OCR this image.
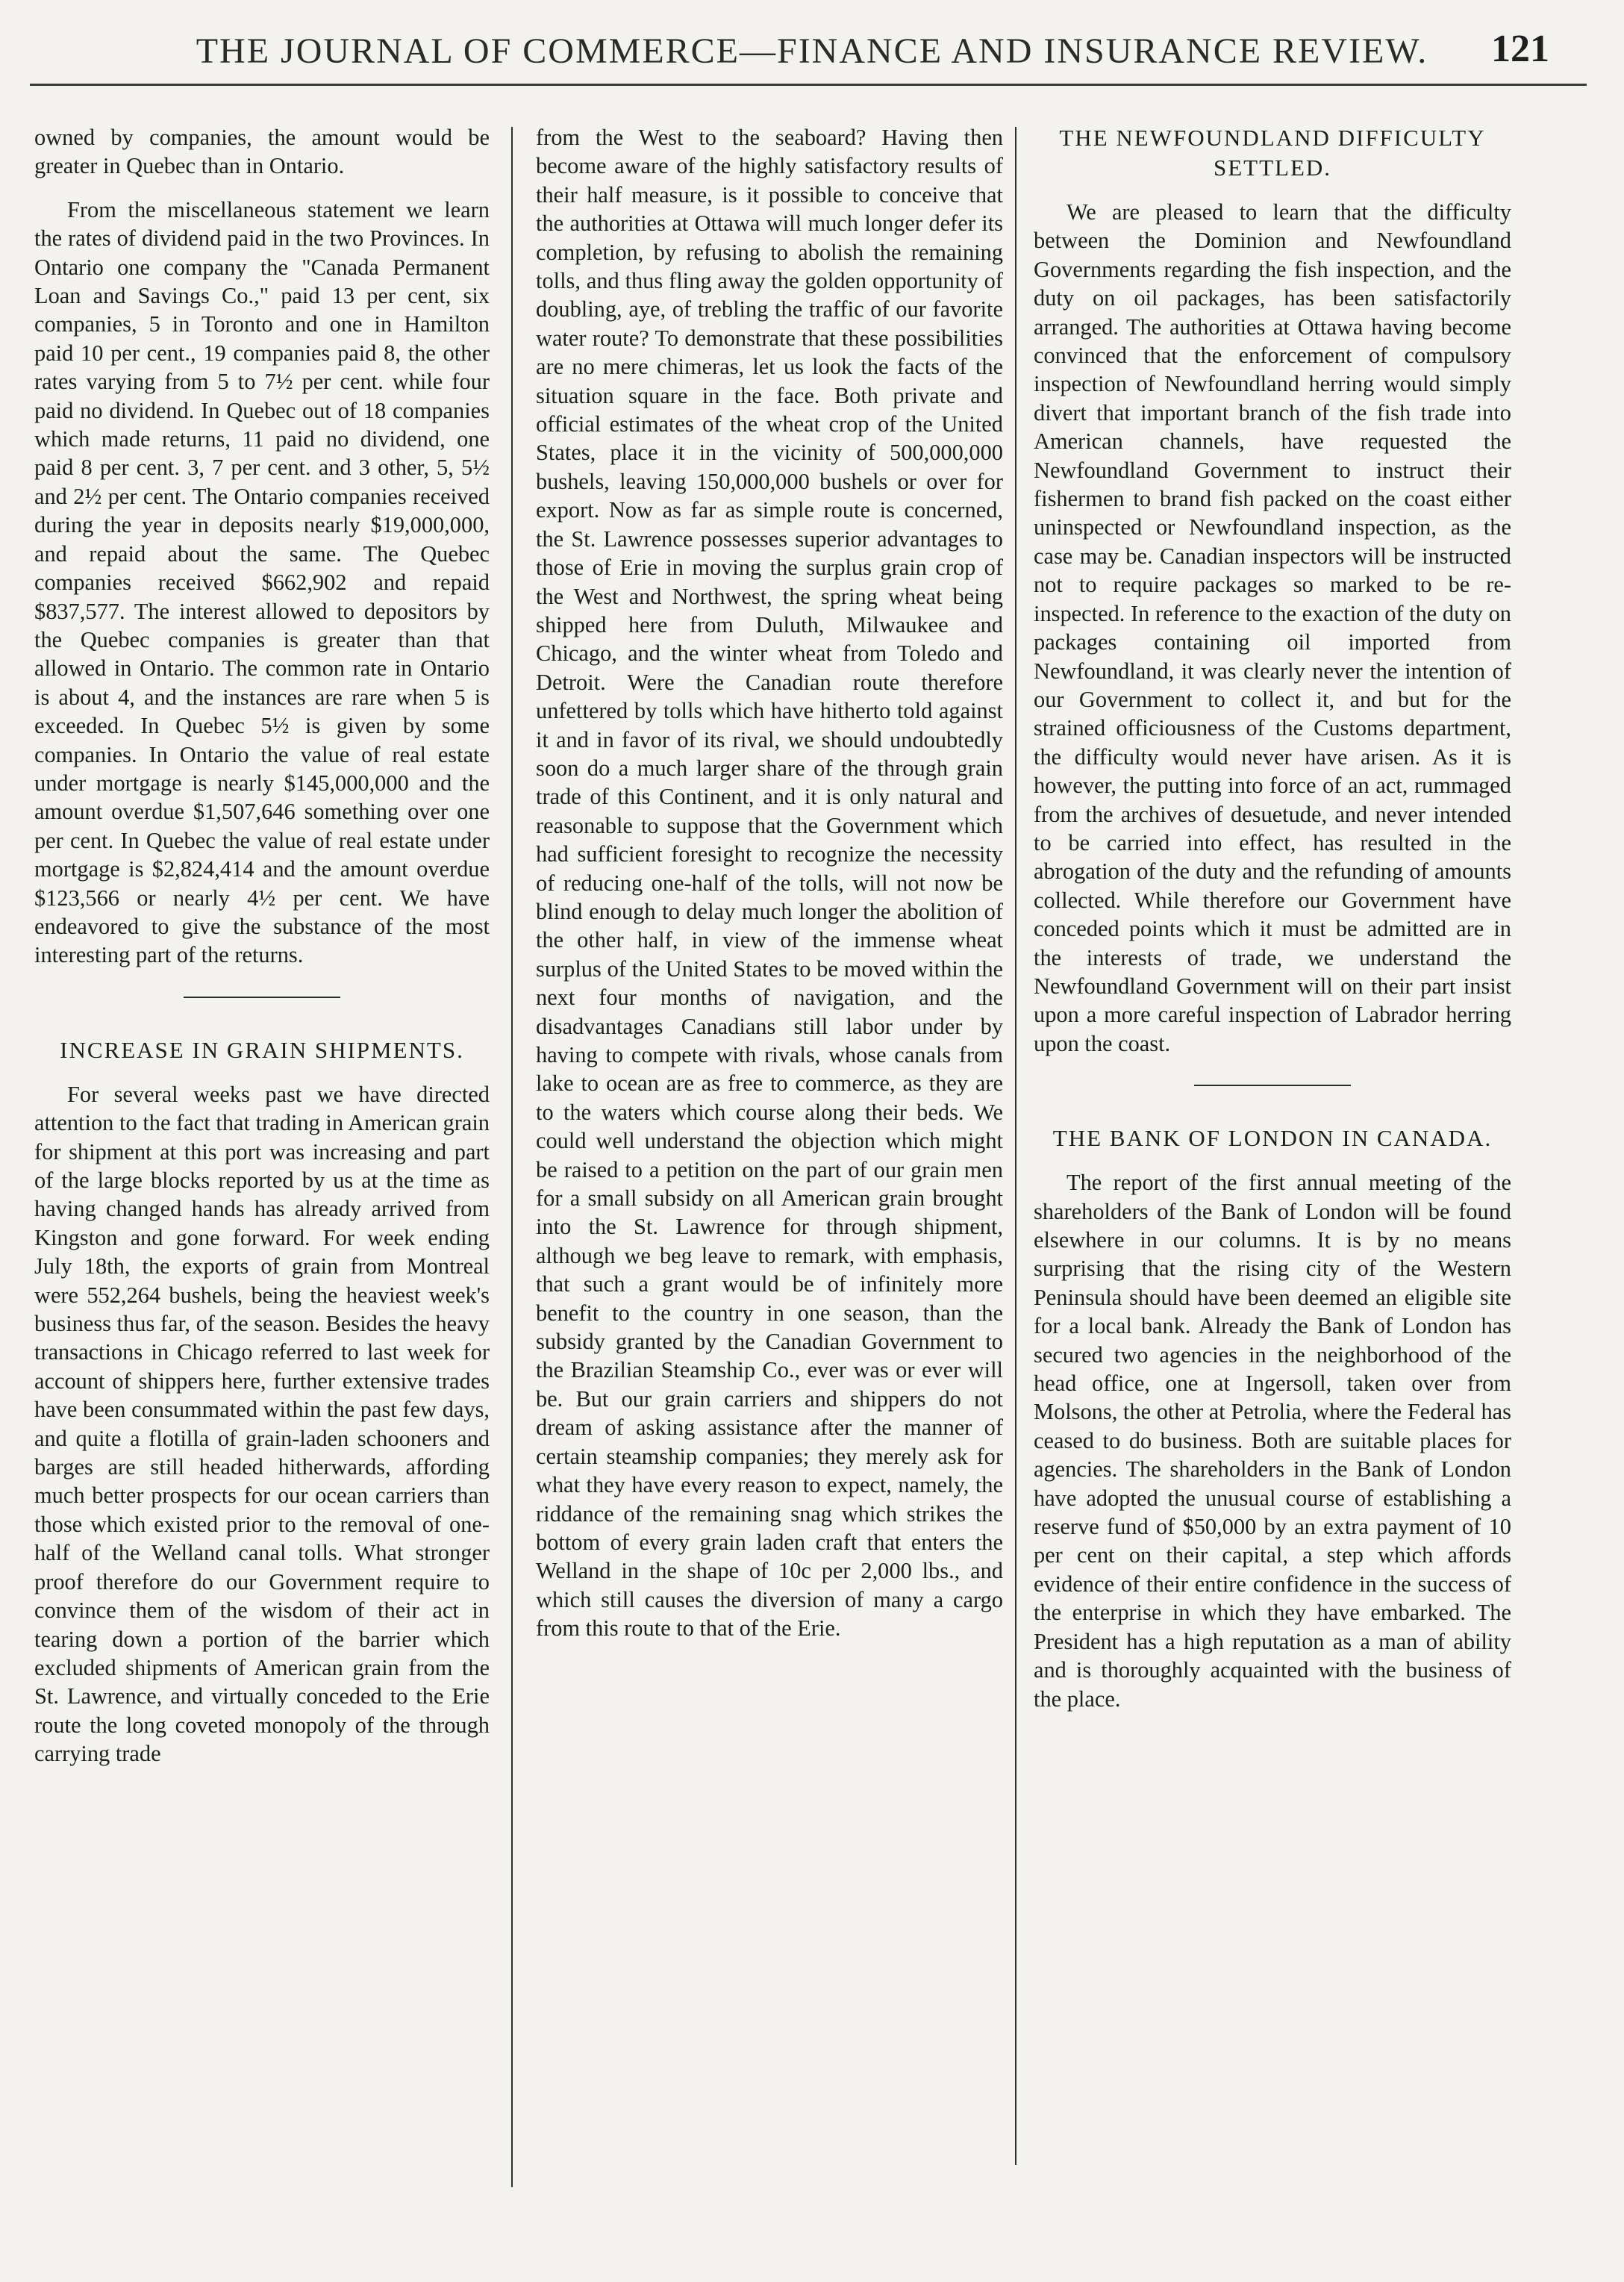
THE JOURNAL OF COMMERCE—FINANCE AND INSURANCE REVIEW. 121

owned by companies, the amount would be greater in Quebec than in Ontario.

From the miscellaneous statement we learn the rates of dividend paid in the two Provinces. In Ontario one company the "Canada Permanent Loan and Savings Co.," paid 13 per cent, six companies, 5 in Toronto and one in Hamilton paid 10 per cent., 19 companies paid 8, the other rates varying from 5 to 7½ per cent. while four paid no dividend. In Quebec out of 18 companies which made returns, 11 paid no dividend, one paid 8 per cent. 3, 7 per cent. and 3 other, 5, 5½ and 2½ per cent. The Ontario companies received during the year in deposits nearly $19,000,000, and repaid about the same. The Quebec companies received $662,902 and repaid $837,577. The interest allowed to depositors by the Quebec companies is greater than that allowed in Ontario. The common rate in Ontario is about 4, and the instances are rare when 5 is exceeded. In Quebec 5½ is given by some companies. In Ontario the value of real estate under mortgage is nearly $145,000,000 and the amount overdue $1,507,646 something over one per cent. In Quebec the value of real estate under mortgage is $2,824,414 and the amount overdue $123,566 or nearly 4½ per cent. We have endeavored to give the substance of the most interesting part of the returns.

INCREASE IN GRAIN SHIPMENTS.

For several weeks past we have directed attention to the fact that trading in American grain for shipment at this port was increasing and part of the large blocks reported by us at the time as having changed hands has already arrived from Kingston and gone forward. For week ending July 18th, the exports of grain from Montreal were 552,264 bushels, being the heaviest week's business thus far, of the season. Besides the heavy transactions in Chicago referred to last week for account of shippers here, further extensive trades have been consummated within the past few days, and quite a flotilla of grain-laden schooners and barges are still headed hitherwards, affording much better prospects for our ocean carriers than those which existed prior to the removal of one-half of the Welland canal tolls. What stronger proof therefore do our Government require to convince them of the wisdom of their act in tearing down a portion of the barrier which excluded shipments of American grain from the St. Lawrence, and virtually conceded to the Erie route the long coveted monopoly of the through carrying trade

from the West to the seaboard? Having then become aware of the highly satisfactory results of their half measure, is it possible to conceive that the authorities at Ottawa will much longer defer its completion, by refusing to abolish the remaining tolls, and thus fling away the golden opportunity of doubling, aye, of trebling the traffic of our favorite water route? To demonstrate that these possibilities are no mere chimeras, let us look the facts of the situation square in the face. Both private and official estimates of the wheat crop of the United States, place it in the vicinity of 500,000,000 bushels, leaving 150,000,000 bushels or over for export. Now as far as simple route is concerned, the St. Lawrence possesses superior advantages to those of Erie in moving the surplus grain crop of the West and Northwest, the spring wheat being shipped here from Duluth, Milwaukee and Chicago, and the winter wheat from Toledo and Detroit. Were the Canadian route therefore unfettered by tolls which have hitherto told against it and in favor of its rival, we should undoubtedly soon do a much larger share of the through grain trade of this Continent, and it is only natural and reasonable to suppose that the Government which had sufficient foresight to recognize the necessity of reducing one-half of the tolls, will not now be blind enough to delay much longer the abolition of the other half, in view of the immense wheat surplus of the United States to be moved within the next four months of navigation, and the disadvantages Canadians still labor under by having to compete with rivals, whose canals from lake to ocean are as free to commerce, as they are to the waters which course along their beds. We could well understand the objection which might be raised to a petition on the part of our grain men for a small subsidy on all American grain brought into the St. Lawrence for through shipment, although we beg leave to remark, with emphasis, that such a grant would be of infinitely more benefit to the country in one season, than the subsidy granted by the Canadian Government to the Brazilian Steamship Co., ever was or ever will be. But our grain carriers and shippers do not dream of asking assistance after the manner of certain steamship companies; they merely ask for what they have every reason to expect, namely, the riddance of the remaining snag which strikes the bottom of every grain laden craft that enters the Welland in the shape of 10c per 2,000 lbs., and which still causes the diversion of many a cargo from this route to that of the Erie.

THE NEWFOUNDLAND DIFFICULTY SETTLED.

We are pleased to learn that the difficulty between the Dominion and Newfoundland Governments regarding the fish inspection, and the duty on oil packages, has been satisfactorily arranged. The authorities at Ottawa having become convinced that the enforcement of compulsory inspection of Newfoundland herring would simply divert that important branch of the fish trade into American channels, have requested the Newfoundland Government to instruct their fishermen to brand fish packed on the coast either uninspected or Newfoundland inspection, as the case may be. Canadian inspectors will be instructed not to require packages so marked to be re-inspected. In reference to the exaction of the duty on packages containing oil imported from Newfoundland, it was clearly never the intention of our Government to collect it, and but for the strained officiousness of the Customs department, the difficulty would never have arisen. As it is however, the putting into force of an act, rummaged from the archives of desuetude, and never intended to be carried into effect, has resulted in the abrogation of the duty and the refunding of amounts collected. While therefore our Government have conceded points which it must be admitted are in the interests of trade, we understand the Newfoundland Government will on their part insist upon a more careful inspection of Labrador herring upon the coast.

THE BANK OF LONDON IN CANADA.

The report of the first annual meeting of the shareholders of the Bank of London will be found elsewhere in our columns. It is by no means surprising that the rising city of the Western Peninsula should have been deemed an eligible site for a local bank. Already the Bank of London has secured two agencies in the neighborhood of the head office, one at Ingersoll, taken over from Molsons, the other at Petrolia, where the Federal has ceased to do business. Both are suitable places for agencies. The shareholders in the Bank of London have adopted the unusual course of establishing a reserve fund of $50,000 by an extra payment of 10 per cent on their capital, a step which affords evidence of their entire confidence in the success of the enterprise in which they have embarked. The President has a high reputation as a man of ability and is thoroughly acquainted with the business of the place.
